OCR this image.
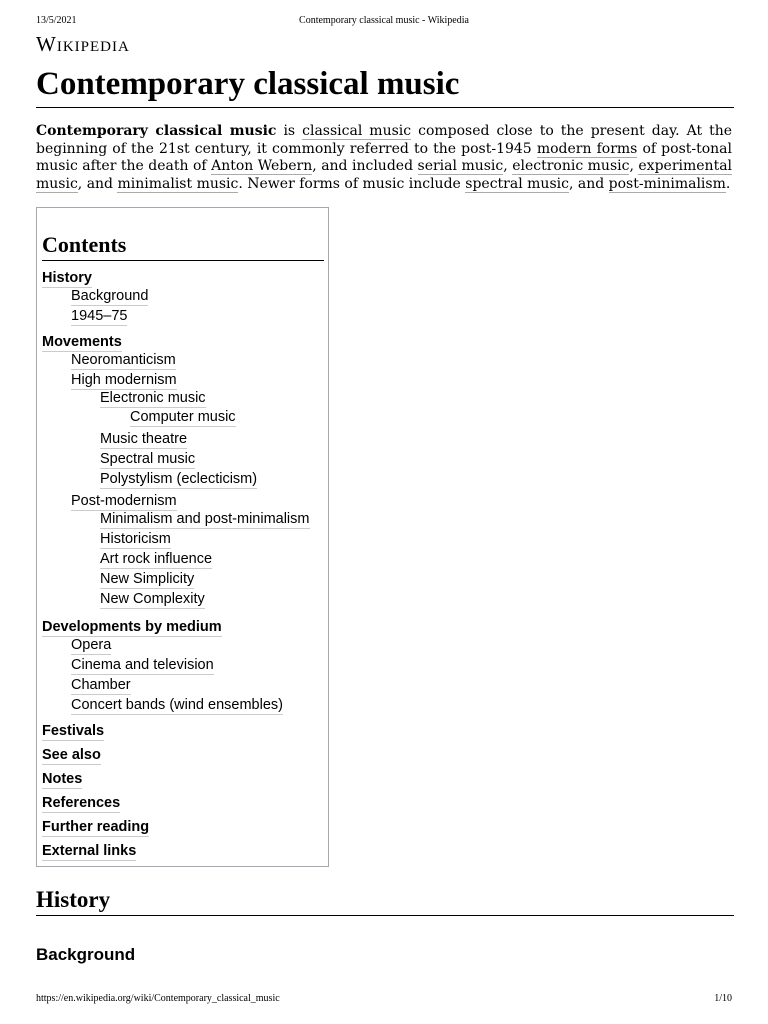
13/5/2021	Contemporary classical music - Wikipedia
Wikipedia
Contemporary classical music

Contemporary classical music is classical music composed close to the present day. At the beginning of the 21st century, it commonly referred to the post-1945 modern forms of post-tonal music after the death of Anton Webern, and included serial music, electronic music, experimental music, and minimalist music. Newer forms of music include spectral music, and post-minimalism.

Contents
History
Background
1945–75
Movements
Neoromanticism
High modernism
Electronic music
Computer music
Music theatre
Spectral music
Polystylism (eclecticism)
Post-modernism
Minimalism and post-minimalism
Historicism
Art rock influence
New Simplicity
New Complexity
Developments by medium
Opera
Cinema and television
Chamber
Concert bands (wind ensembles)
Festivals
See also
Notes
References
Further reading
External links
History
Background
https://en.wikipedia.org/wiki/Contemporary_classical_music	1/10
